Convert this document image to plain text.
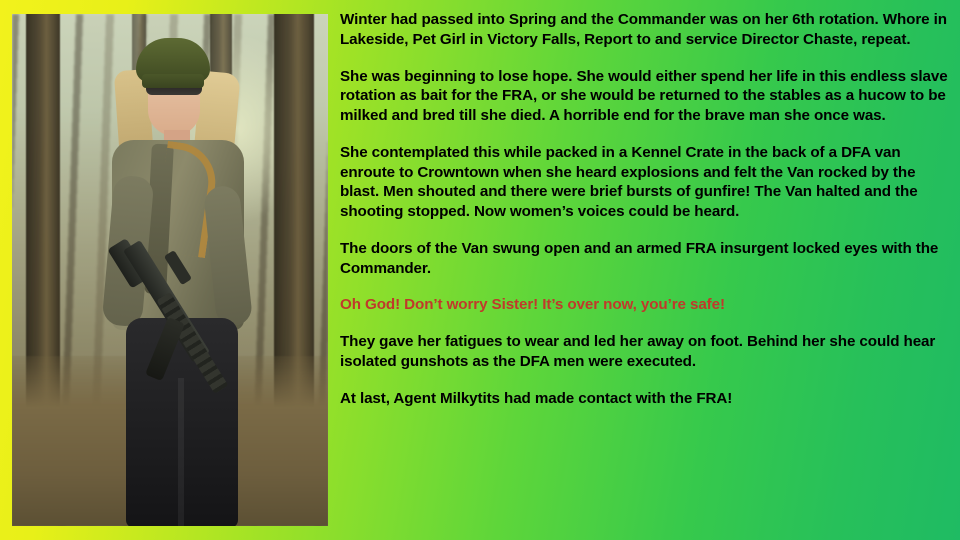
Winter had passed into Spring and the Commander was on her 6th rotation. Whore in Lakeside, Pet Girl in Victory Falls, Report to and service Director Chaste, repeat.

She was beginning to lose hope. She would either spend her life in this endless slave rotation as bait for the FRA, or she would be returned to the stables as a hucow to be milked and bred till she died. A horrible end for the brave man she once was.

She contemplated this while packed in a Kennel Crate in the back of a DFA van enroute to Crowntown when she heard explosions and felt the Van rocked by the blast. Men shouted and there were brief bursts of gunfire! The Van halted and the shooting stopped. Now women’s voices could be heard.

The doors of the Van swung open and an armed FRA insurgent locked eyes with the Commander.

Oh God! Don’t worry Sister! It’s over now, you’re safe!

They gave her fatigues to wear and led her away on foot. Behind her she could hear isolated gunshots as the DFA men were executed.

At last, Agent Milkytits had made contact with the FRA!
